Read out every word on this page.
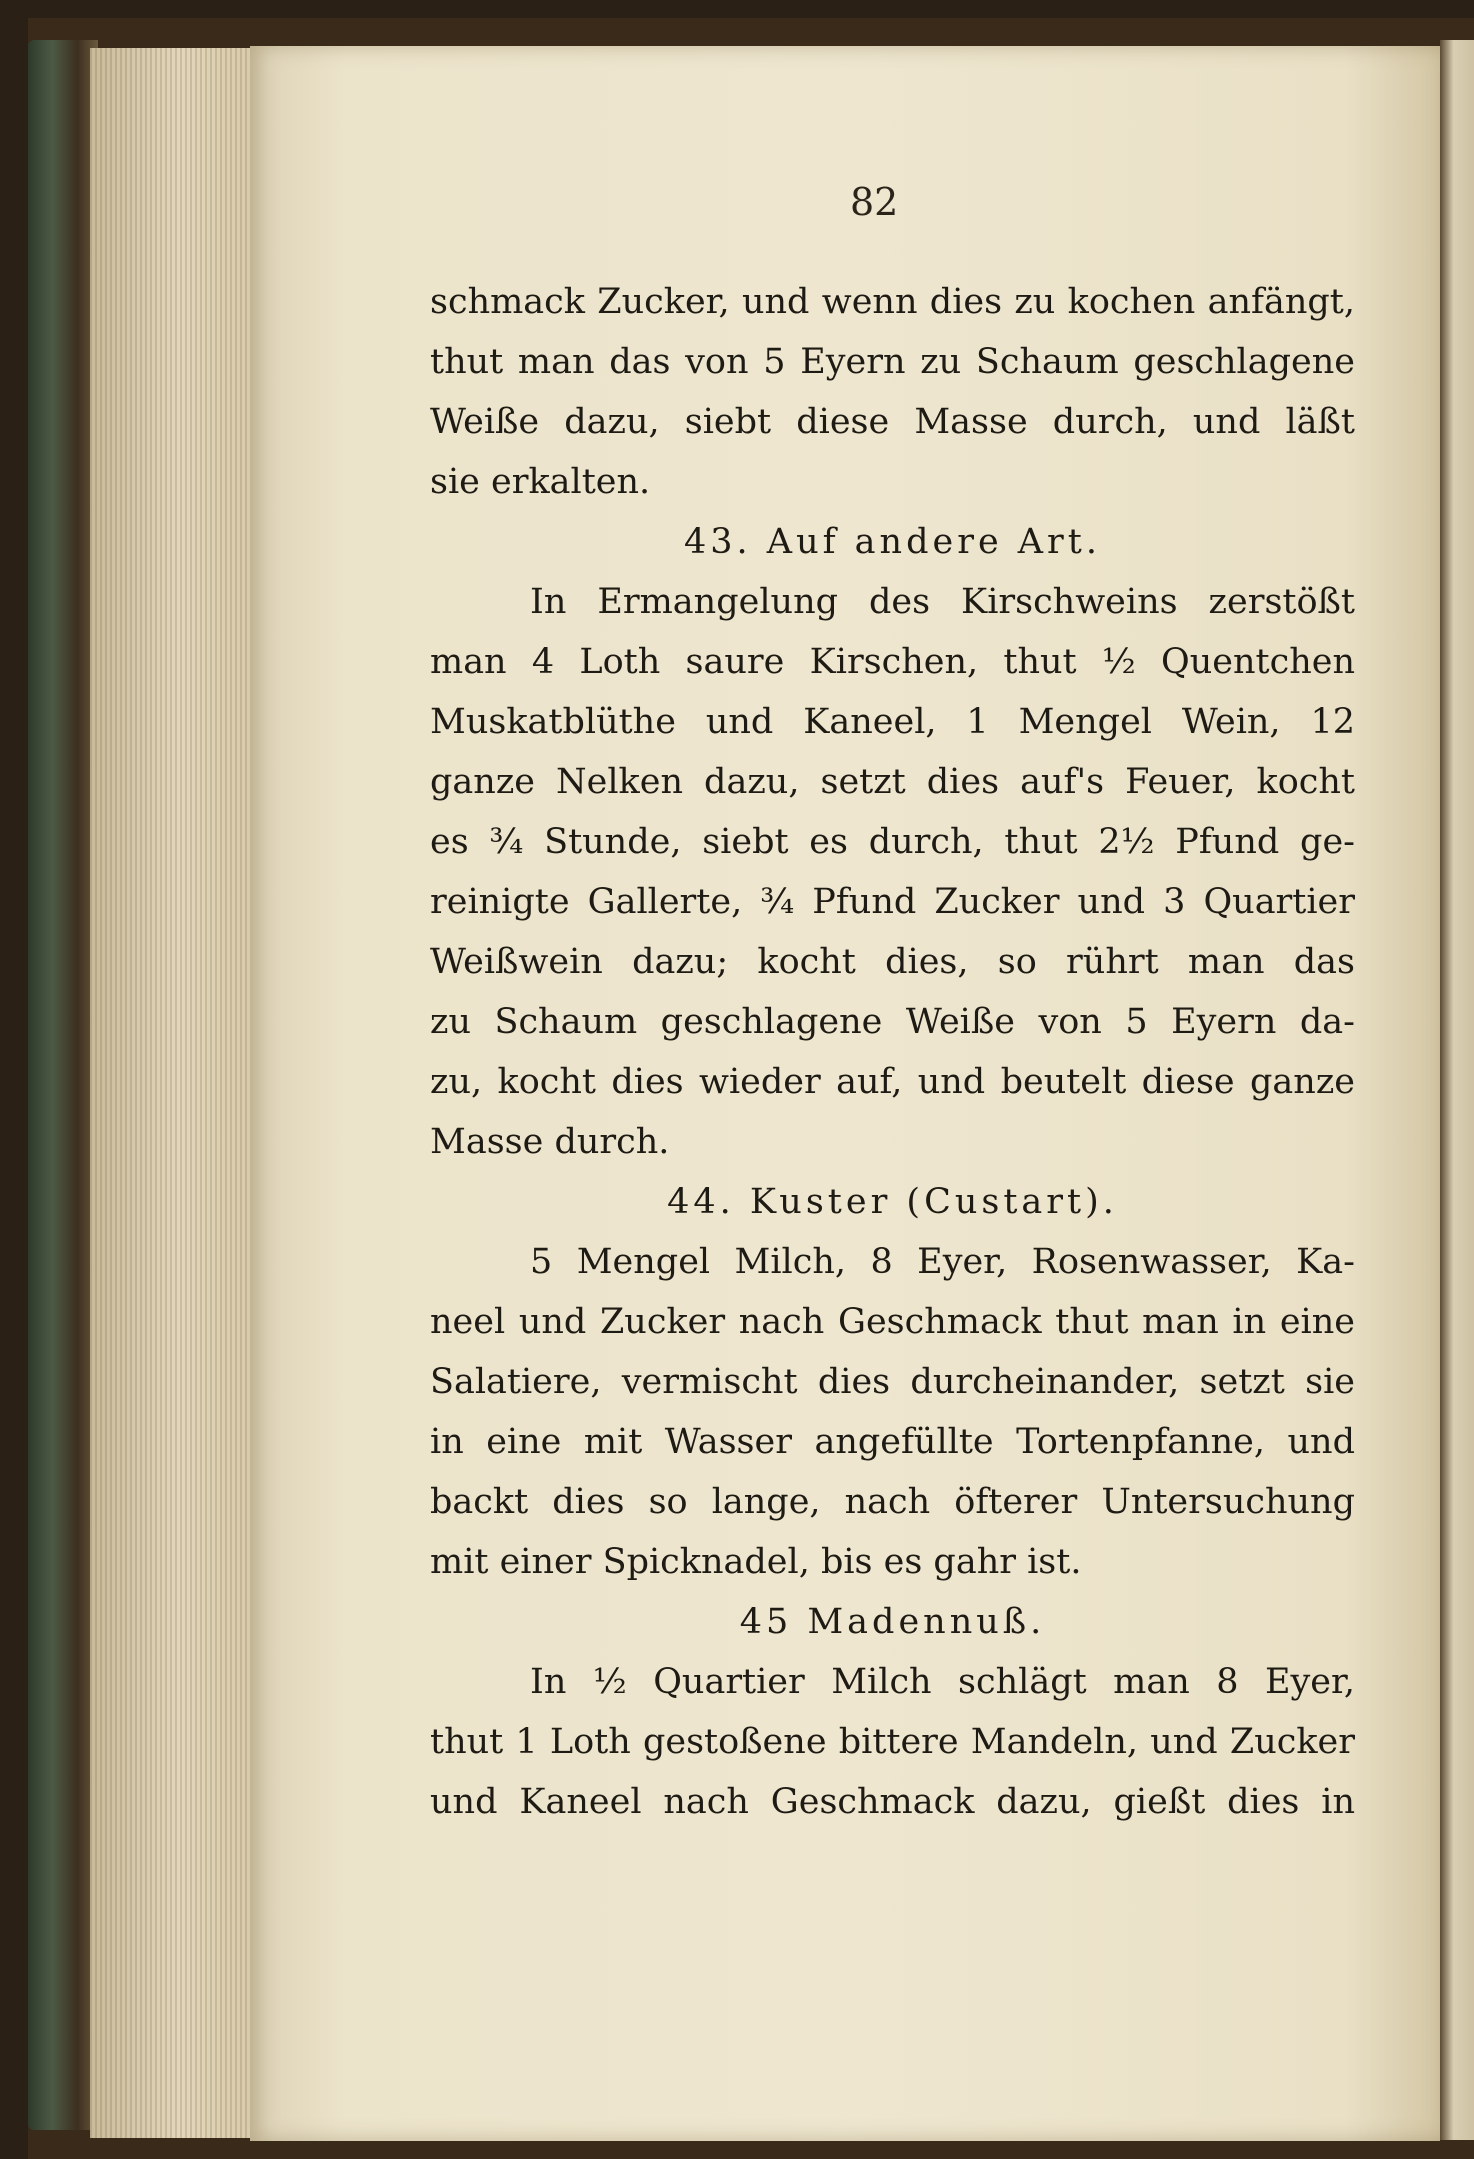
82
schmack Zucker, und wenn dies zu kochen anfängt,
thut man das von 5 Eyern zu Schaum geschlagene
Weiße dazu, siebt diese Masse durch, und läßt
sie erkalten.
43. Auf andere Art.
In Ermangelung des Kirschweins zerstößt
man 4 Loth saure Kirschen, thut ½ Quentchen
Muskatblüthe und Kaneel, 1 Mengel Wein, 12
ganze Nelken dazu, setzt dies auf's Feuer, kocht
es ¾ Stunde, siebt es durch, thut 2½ Pfund ge-
reinigte Gallerte, ¾ Pfund Zucker und 3 Quartier
Weißwein dazu; kocht dies, so rührt man das
zu Schaum geschlagene Weiße von 5 Eyern da-
zu, kocht dies wieder auf, und beutelt diese ganze
Masse durch.
44. Kuster (Custart).
5 Mengel Milch, 8 Eyer, Rosenwasser, Ka-
neel und Zucker nach Geschmack thut man in eine
Salatiere, vermischt dies durcheinander, setzt sie
in eine mit Wasser angefüllte Tortenpfanne, und
backt dies so lange, nach öfterer Untersuchung
mit einer Spicknadel, bis es gahr ist.
45 Madennuß.
In ½ Quartier Milch schlägt man 8 Eyer,
thut 1 Loth gestoßene bittere Mandeln, und Zucker
und Kaneel nach Geschmack dazu, gießt dies in
